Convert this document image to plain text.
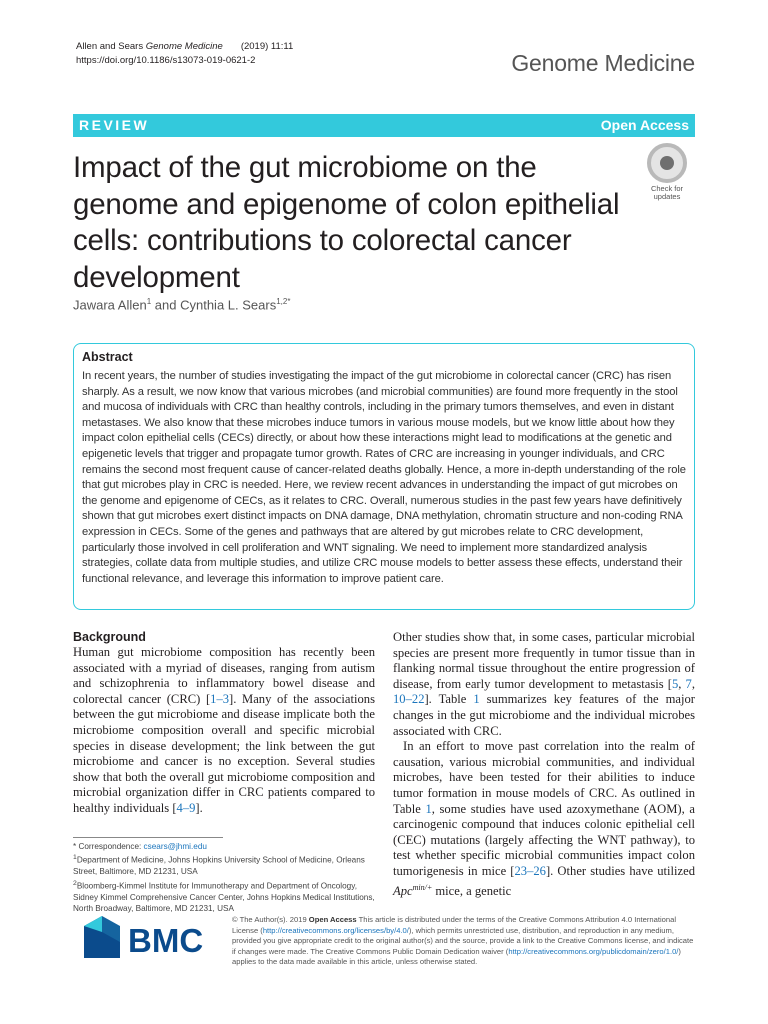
Allen and Sears Genome Medicine (2019) 11:11
https://doi.org/10.1186/s13073-019-0621-2	Genome Medicine
REVIEW	Open Access
Impact of the gut microbiome on the genome and epigenome of colon epithelial cells: contributions to colorectal cancer development
Check for
updates
Jawara Allen$^1$ and Cynthia L. Sears$^{1,2*}$
Abstract
In recent years, the number of studies investigating the impact of the gut microbiome in colorectal cancer (CRC) has risen sharply. As a result, we now know that various microbes (and microbial communities) are found more frequently in the stool and mucosa of individuals with CRC than healthy controls, including in the primary tumors themselves, and even in distant metastases. We also know that these microbes induce tumors in various mouse models, but we know little about how they impact colon epithelial cells (CECs) directly, or about how these interactions might lead to modifications at the genetic and epigenetic levels that trigger and propagate tumor growth. Rates of CRC are increasing in younger individuals, and CRC remains the second most frequent cause of cancer-related deaths globally. Hence, a more in-depth understanding of the role that gut microbes play in CRC is needed. Here, we review recent advances in understanding the impact of gut microbes on the genome and epigenome of CECs, as it relates to CRC. Overall, numerous studies in the past few years have definitively shown that gut microbes exert distinct impacts on DNA damage, DNA methylation, chromatin structure and non-coding RNA expression in CECs. Some of the genes and pathways that are altered by gut microbes relate to CRC development, particularly those involved in cell proliferation and WNT signaling. We need to implement more standardized analysis strategies, collate data from multiple studies, and utilize CRC mouse models to better assess these effects, understand their functional relevance, and leverage this information to improve patient care.
Background

Human gut microbiome composition has recently been associated with a myriad of diseases, ranging from autism and schizophrenia to inflammatory bowel disease and colorectal cancer (CRC) [1–3]. Many of the associations between the gut microbiome and disease implicate both the microbiome composition overall and specific microbial species in disease development; the link between the gut microbiome and cancer is no exception. Several studies show that both the overall gut microbiome composition and microbial organization differ in CRC patients compared to healthy individuals [4–9].

Other studies show that, in some cases, particular microbial species are present more frequently in tumor tissue than in flanking normal tissue throughout the entire progression of disease, from early tumor development to metastasis [5, 7, 10–22]. Table 1 summarizes key features of the major changes in the gut microbiome and the individual microbes associated with CRC.

In an effort to move past correlation into the realm of causation, various microbial communities, and individual microbes, have been tested for their abilities to induce tumor formation in mouse models of CRC. As outlined in Table 1, some studies have used azoxymethane (AOM), a carcinogenic compound that induces colonic epithelial cell (CEC) mutations (largely affecting the WNT pathway), to test whether specific microbial communities impact colon tumorigenesis in mice [23–26]. Other studies have utilized Apc$^{min/+}$ mice, a genetic

* Correspondence: csears@jhmi.edu
$^1$Department of Medicine, Johns Hopkins University School of Medicine, Orleans Street, Baltimore, MD 21231, USA
$^2$Bloomberg-Kimmel Institute for Immunotherapy and Department of Oncology, Sidney Kimmel Comprehensive Cancer Center, Johns Hopkins Medical Institutions, North Broadway, Baltimore, MD 21231, USA
BMC
© The Author(s). 2019 Open Access This article is distributed under the terms of the Creative Commons Attribution 4.0 International License (http://creativecommons.org/licenses/by/4.0/), which permits unrestricted use, distribution, and reproduction in any medium, provided you give appropriate credit to the original author(s) and the source, provide a link to the Creative Commons license, and indicate if changes were made. The Creative Commons Public Domain Dedication waiver (http://creativecommons.org/publicdomain/zero/1.0/) applies to the data made available in this article, unless otherwise stated.
